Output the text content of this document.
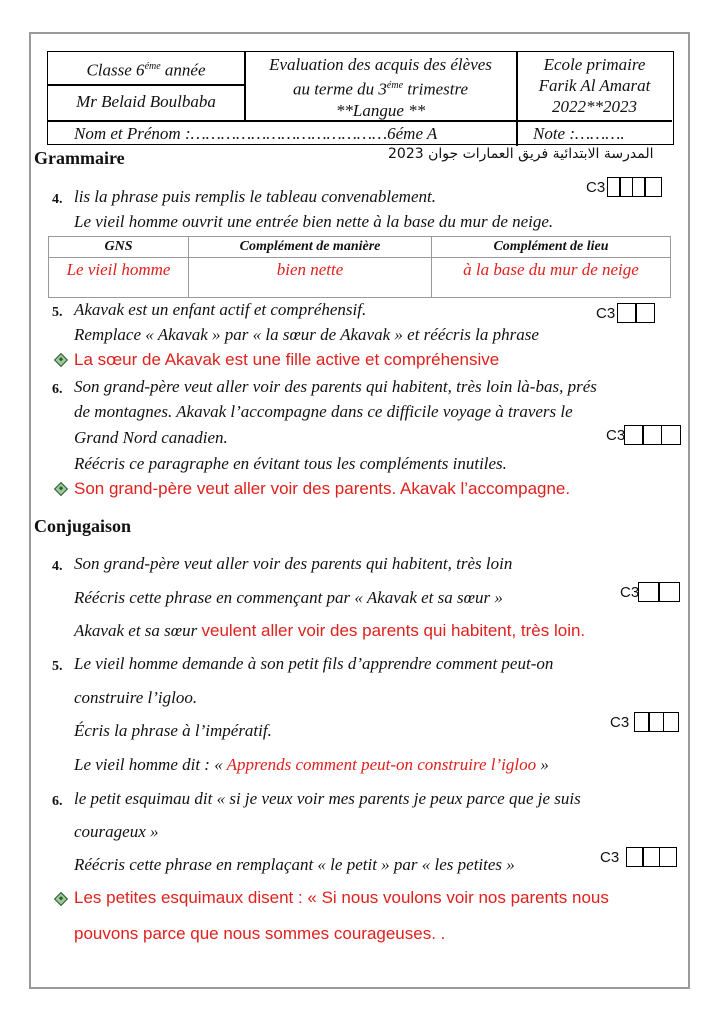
Classe $6^{éme}$ année
Mr Belaid Boulbaba
Evaluation des acquis des élèves
au terme du $3^{éme}$ trimestre
**Langue **
Ecole primaire
Farik Al Amarat
2022**2023
Nom et Prénom :…………………………………6éme A	Note :……….
Grammaire	المدرسة الابتدائية فريق العمارات جوان 2023
4. lis la phrase puis remplis le tableau convenablement.
Le vieil homme ouvrit une entrée bien nette à la base du mur de neige.
C3
GNS	Complément de manière	Complément de lieu
Le vieil homme	bien nette	à la base du mur de neige
5. Akavak est un enfant actif et compréhensif.
Remplace « Akavak » par « la sœur de Akavak » et réécris la phrase
C3
La sœur de Akavak est une fille active et compréhensive
6. Son grand-père veut aller voir des parents qui habitent, très loin là-bas, prés
de montagnes. Akavak l’accompagne dans ce difficile voyage à travers le
Grand Nord canadien.	C3
Réécris ce paragraphe en évitant tous les compléments inutiles.
Son grand-père veut aller voir des parents. Akavak l’accompagne.
Conjugaison
4. Son grand-père veut aller voir des parents qui habitent, très loin
C3
Réécris cette phrase en commençant par « Akavak et sa sœur »
Akavak et sa sœur veulent aller voir des parents qui habitent, très loin.
5. Le vieil homme demande à son petit fils d’apprendre comment peut-on
construire l’igloo.
Écris la phrase à l’impératif.	C3
Le vieil homme dit : « Apprends comment peut-on construire l’igloo »
6. le petit esquimau dit « si je veux voir mes parents je peux parce que je suis
courageux »
Réécris cette phrase en remplaçant « le petit » par « les petites »	C3
Les petites esquimaux disent : « Si nous voulons voir nos parents nous
pouvons parce que nous sommes courageuses. .
